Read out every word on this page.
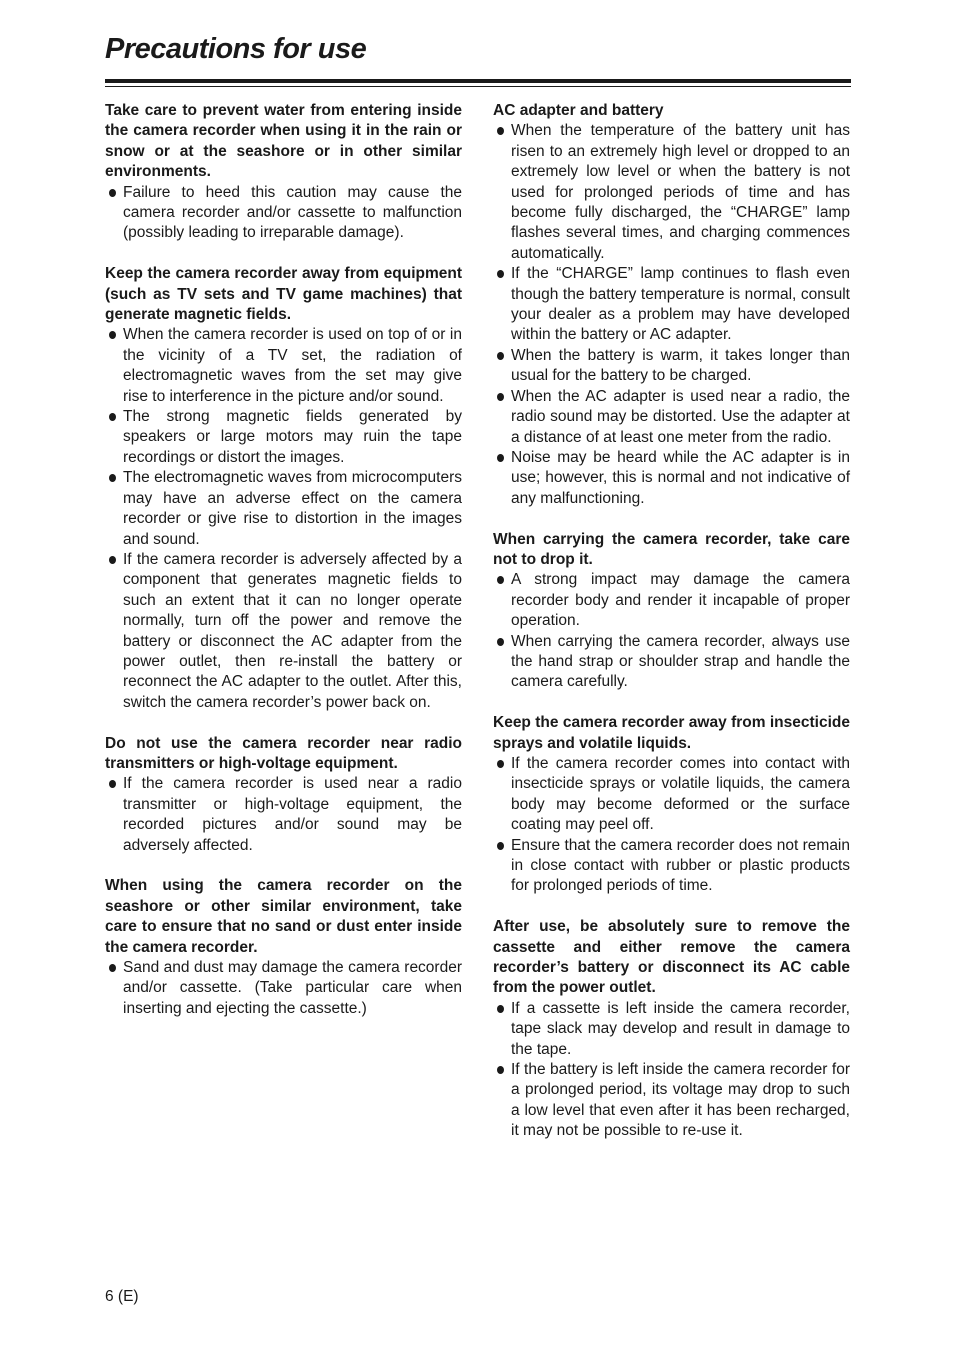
Precautions for use

Take care to prevent water from entering inside the camera recorder when using it in the rain or snow or at the seashore or in other similar environments.

Failure to heed this caution may cause the camera recorder and/or cassette to malfunction (possibly leading to irreparable damage).

Keep the camera recorder away from equipment (such as TV sets and TV game machines) that generate magnetic fields.

When the camera recorder is used on top of or in the vicinity of a TV set, the radiation of electromagnetic waves from the set may give rise to interference in the picture and/or sound.
The strong magnetic fields generated by speakers or large motors may ruin the tape recordings or distort the images.
The electromagnetic waves from microcomputers may have an adverse effect on the camera recorder or give rise to distortion in the images and sound.
If the camera recorder is adversely affected by a component that generates magnetic fields to such an extent that it can no longer operate normally, turn off the power and remove the battery or disconnect the AC adapter from the power outlet, then re-install the battery or reconnect the AC adapter to the outlet. After this, switch the camera recorder’s power back on.

Do not use the camera recorder near radio transmitters or high-voltage equipment.

If the camera recorder is used near a radio transmitter or high-voltage equipment, the recorded pictures and/or sound may be adversely affected.

When using the camera recorder on the seashore or other similar environment, take care to ensure that no sand or dust enter inside the camera recorder.

Sand and dust may damage the camera recorder and/or cassette. (Take particular care when inserting and ejecting the cassette.)

AC adapter and battery

When the temperature of the battery unit has risen to an extremely high level or dropped to an extremely low level or when the battery is not used for prolonged periods of time and has become fully discharged, the “CHARGE” lamp flashes several times, and charging commences automatically.
If the “CHARGE” lamp continues to flash even though the battery temperature is normal, consult your dealer as a problem may have developed within the battery or AC adapter.
When the battery is warm, it takes longer than usual for the battery to be charged.
When the AC adapter is used near a radio, the radio sound may be distorted. Use the adapter at a distance of at least one meter from the radio.
Noise may be heard while the AC adapter is in use; however, this is normal and not indicative of any malfunctioning.

When carrying the camera recorder, take care not to drop it.

A strong impact may damage the camera recorder body and render it incapable of proper operation.
When carrying the camera recorder, always use the hand strap or shoulder strap and handle the camera carefully.

Keep the camera recorder away from insecticide sprays and volatile liquids.

If the camera recorder comes into contact with insecticide sprays or volatile liquids, the camera body may become deformed or the surface coating may peel off.
Ensure that the camera recorder does not remain in close contact with rubber or plastic products for prolonged periods of time.

After use, be absolutely sure to remove the cassette and either remove the camera recorder’s battery or disconnect its AC cable from the power outlet.

If a cassette is left inside the camera recorder, tape slack may develop and result in damage to the tape.
If the battery is left inside the camera recorder for a prolonged period, its voltage may drop to such a low level that even after it has been recharged, it may not be possible to re-use it.
6 (E)
